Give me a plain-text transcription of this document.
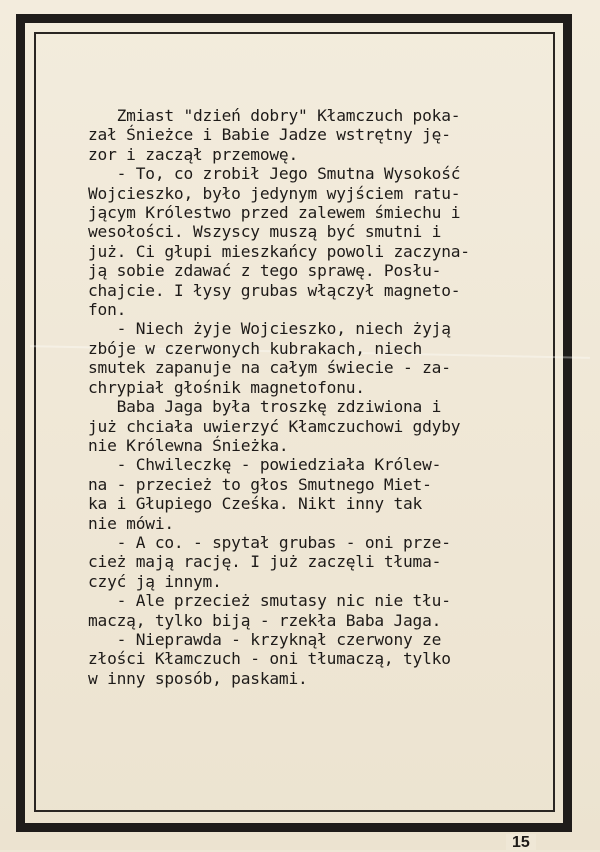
Zmiast "dzień dobry" Kłamczuch poka-
zał Śnieżce i Babie Jadze wstrętny ję-
zor i zaczął przemowę.
- To, co zrobił Jego Smutna Wysokość
Wojcieszko, było jedynym wyjściem ratu-
jącym Królestwo przed zalewem śmiechu i
wesołości. Wszyscy muszą być smutni i
już. Ci głupi mieszkańcy powoli zaczyna-
ją sobie zdawać z tego sprawę. Posłu-
chajcie. I łysy grubas włączył magneto-
fon.
- Niech żyje Wojcieszko, niech żyją
zbóje w czerwonych kubrakach, niech
smutek zapanuje na całym świecie - za-
chrypiał głośnik magnetofonu.
Baba Jaga była troszkę zdziwiona i
już chciała uwierzyć Kłamczuchowi gdyby
nie Królewna Śnieżka.
- Chwileczkę - powiedziała Królew-
na - przecież to głos Smutnego Miet-
ka i Głupiego Cześka. Nikt inny tak
nie mówi.
- A co. - spytał grubas - oni prze-
cież mają rację. I już zaczęli tłuma-
czyć ją innym.
- Ale przecież smutasy nic nie tłu-
maczą, tylko biją - rzekła Baba Jaga.
- Nieprawda - krzyknął czerwony ze
złości Kłamczuch - oni tłumaczą, tylko
w inny sposób, paskami.
15
